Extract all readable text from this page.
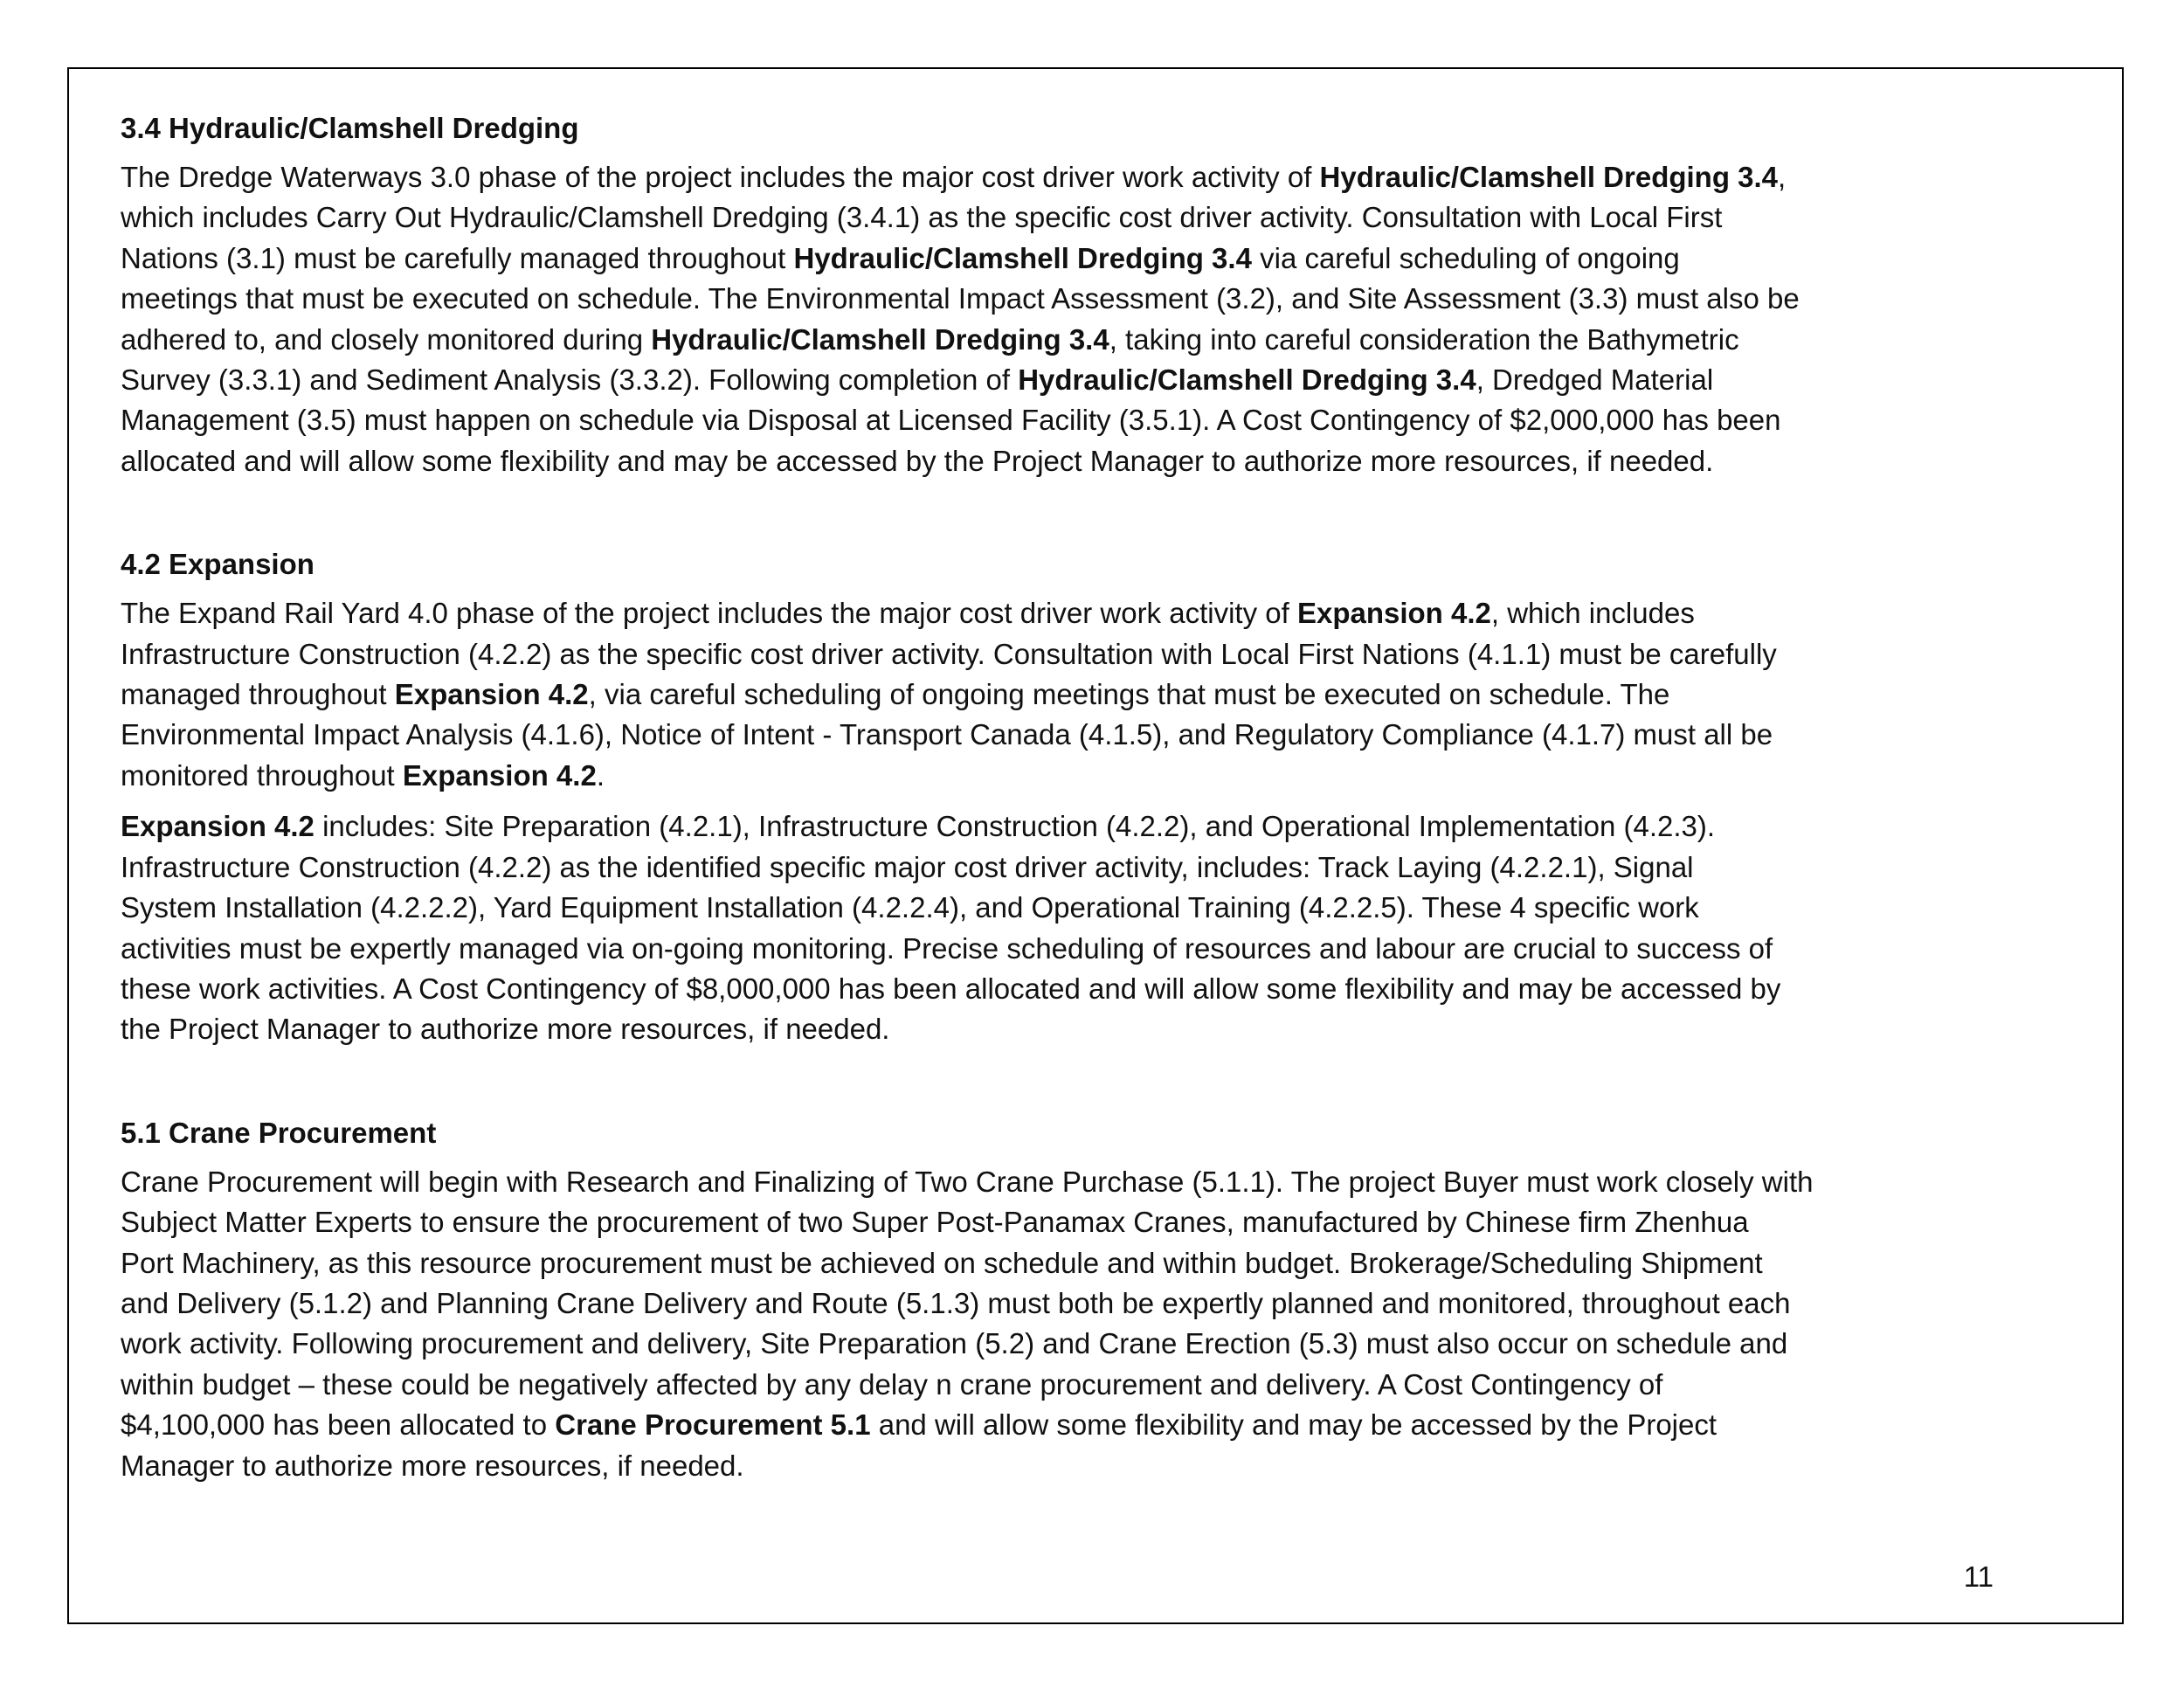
3.4 Hydraulic/Clamshell Dredging

The Dredge Waterways 3.0 phase of the project includes the major cost driver work activity of Hydraulic/Clamshell Dredging 3.4,
which includes Carry Out Hydraulic/Clamshell Dredging (3.4.1) as the specific cost driver activity. Consultation with Local First
Nations (3.1) must be carefully managed throughout Hydraulic/Clamshell Dredging 3.4 via careful scheduling of ongoing
meetings that must be executed on schedule. The Environmental Impact Assessment (3.2), and Site Assessment (3.3) must also be
adhered to, and closely monitored during Hydraulic/Clamshell Dredging 3.4, taking into careful consideration the Bathymetric
Survey (3.3.1) and Sediment Analysis (3.3.2). Following completion of Hydraulic/Clamshell Dredging 3.4, Dredged Material
Management (3.5) must happen on schedule via Disposal at Licensed Facility (3.5.1). A Cost Contingency of $2,000,000 has been
allocated and will allow some flexibility and may be accessed by the Project Manager to authorize more resources, if needed.

4.2 Expansion

The Expand Rail Yard 4.0 phase of the project includes the major cost driver work activity of Expansion 4.2, which includes
Infrastructure Construction (4.2.2) as the specific cost driver activity. Consultation with Local First Nations (4.1.1) must be carefully
managed throughout Expansion 4.2, via careful scheduling of ongoing meetings that must be executed on schedule. The
Environmental Impact Analysis (4.1.6), Notice of Intent - Transport Canada (4.1.5), and Regulatory Compliance (4.1.7) must all be
monitored throughout Expansion 4.2.

Expansion 4.2 includes: Site Preparation (4.2.1), Infrastructure Construction (4.2.2), and Operational Implementation (4.2.3).
Infrastructure Construction (4.2.2) as the identified specific major cost driver activity, includes: Track Laying (4.2.2.1), Signal
System Installation (4.2.2.2), Yard Equipment Installation (4.2.2.4), and Operational Training (4.2.2.5). These 4 specific work
activities must be expertly managed via on-going monitoring. Precise scheduling of resources and labour are crucial to success of
these work activities. A Cost Contingency of $8,000,000 has been allocated and will allow some flexibility and may be accessed by
the Project Manager to authorize more resources, if needed.

5.1 Crane Procurement

Crane Procurement will begin with Research and Finalizing of Two Crane Purchase (5.1.1). The project Buyer must work closely with
Subject Matter Experts to ensure the procurement of two Super Post-Panamax Cranes, manufactured by Chinese firm Zhenhua
Port Machinery, as this resource procurement must be achieved on schedule and within budget. Brokerage/Scheduling Shipment
and Delivery (5.1.2) and Planning Crane Delivery and Route (5.1.3) must both be expertly planned and monitored, throughout each
work activity. Following procurement and delivery, Site Preparation (5.2) and Crane Erection (5.3) must also occur on schedule and
within budget – these could be negatively affected by any delay n crane procurement and delivery. A Cost Contingency of
$4,100,000 has been allocated to Crane Procurement 5.1 and will allow some flexibility and may be accessed by the Project
Manager to authorize more resources, if needed.

11
